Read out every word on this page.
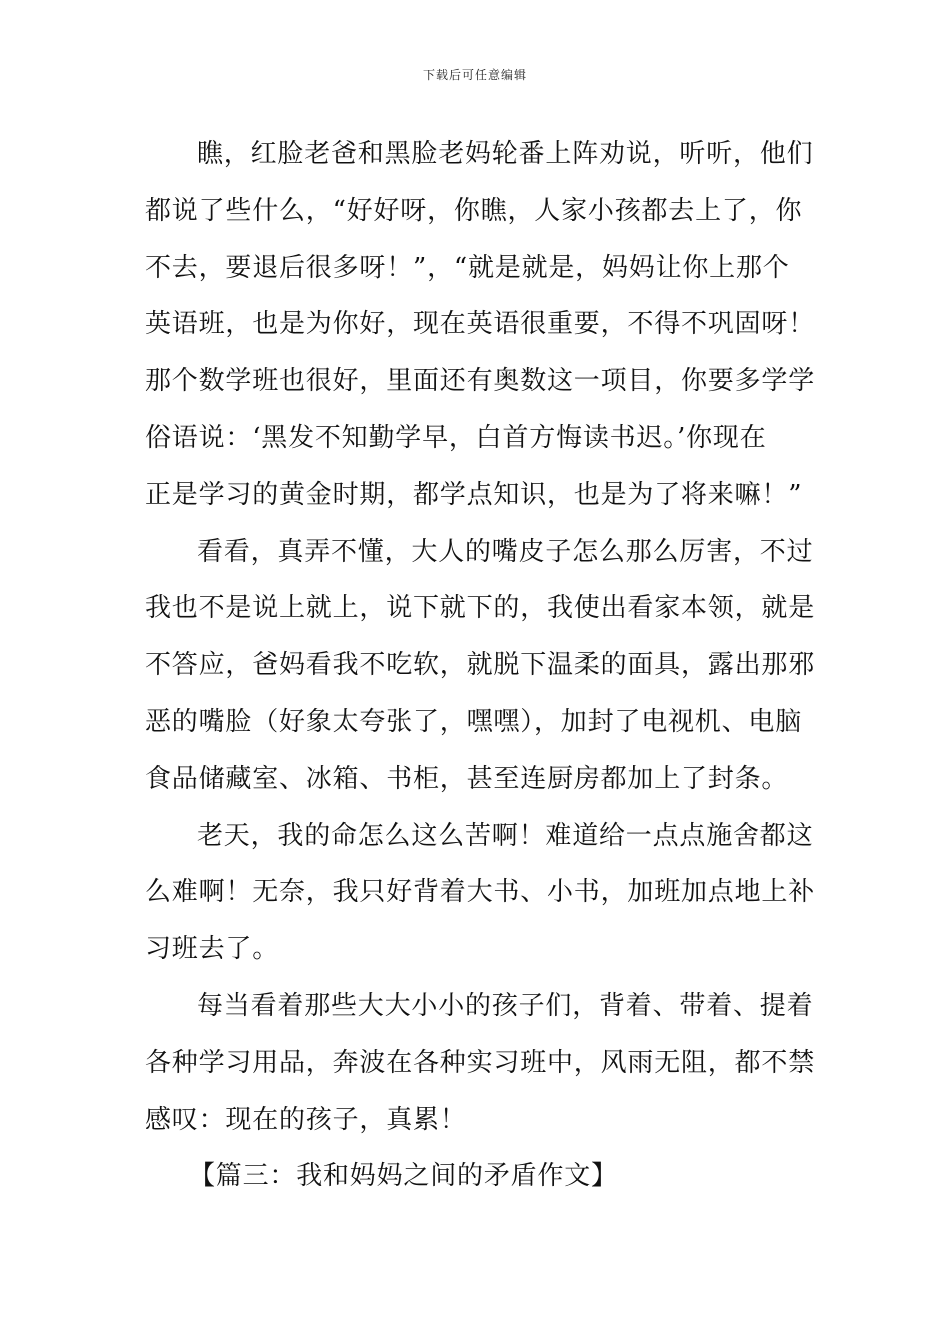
下载后可任意编辑
瞧，红脸老爸和黑脸老妈轮番上阵劝说，听听，他们
都说了些什么，“好好呀，你瞧，人家小孩都去上了，你
不去，要退后很多呀！”，“就是就是，妈妈让你上那个
英语班，也是为你好，现在英语很重要，不得不巩固呀！
那个数学班也很好，里面还有奥数这一项目，你要多学学
俗语说：‘黑发不知勤学早，白首方悔读书迟。’你现在
正是学习的黄金时期，都学点知识，也是为了将来嘛！”
看看，真弄不懂，大人的嘴皮子怎么那么厉害，不过
我也不是说上就上，说下就下的，我使出看家本领，就是
不答应，爸妈看我不吃软，就脱下温柔的面具，露出那邪
恶的嘴脸（好象太夸张了，嘿嘿），加封了电视机、电脑
食品储藏室、冰箱、书柜，甚至连厨房都加上了封条。
老天，我的命怎么这么苦啊！难道给一点点施舍都这
么难啊！无奈，我只好背着大书、小书，加班加点地上补
习班去了。
每当看着那些大大小小的孩子们，背着、带着、提着
各种学习用品，奔波在各种实习班中，风雨无阻，都不禁
感叹：现在的孩子，真累！
【篇三：我和妈妈之间的矛盾作文】
